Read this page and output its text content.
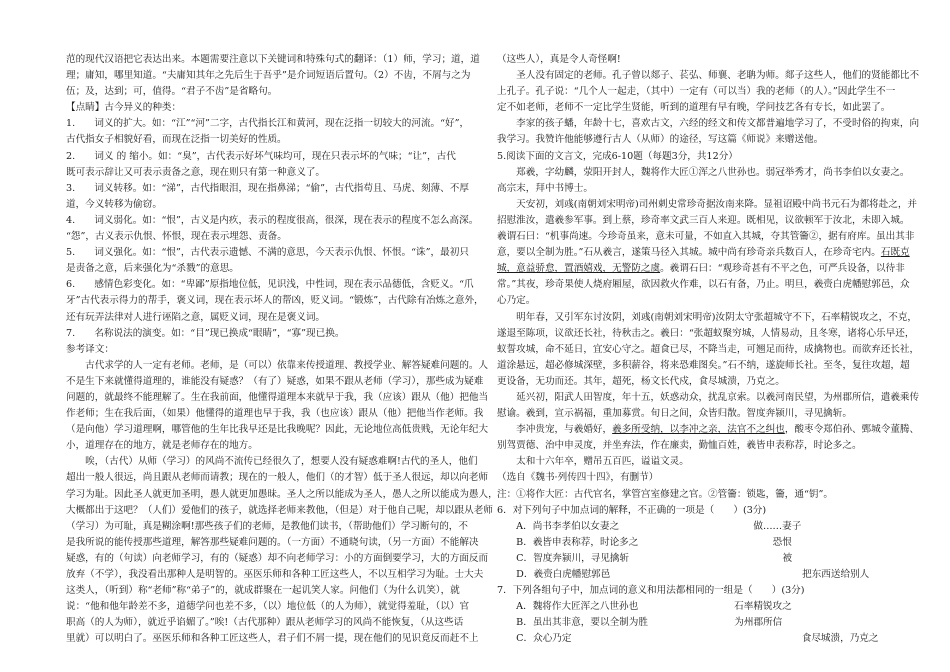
范的现代汉语把它表达出来。本题需要注意以下关键词和特殊句式的翻译：（1）师，学习；道，道
理；庸知，哪里知道。“夫庸知其年之先后生于吾乎”是介词短语后置句。（2）不齿，不屑与之为
伍；及，达到；可，值得。“君子不齿”是省略句。
【点睛】古今异义的种类：
1.　　词义的扩大。如：“江”“河”二字，古代指长江和黄河，现在泛指一切较大的河流。“好”，
古代指女子相貌好看，而现在泛指一切美好的性质。
2.　　词义 的 缩小。如：“臭”，古代表示好坏气味均可，现在只表示坏的气味；“让”，古代
既可表示辞让又可表示责备之意，现在则只有第一种意义了。
3.　　词义转移。如：“涕”，古代指眼泪，现在指鼻涕；“偷”，古代指苟且、马虎、刻薄、不厚
道，今义转移为偷窃。
4.　　词义弱化。如：“恨”，古义是内疚，表示的程度很高，很深，现在表示的程度不怎么高深。
“怨”，古义表示仇恨、怀恨，现在表示埋怨、责备。
5.　　词义强化。如：“恨”，古代表示遗憾、不满的意思，今天表示仇恨、怀恨。“诛”，最初只
是责备之意，后来强化为“杀戮”的意思。
6.　　感情色彩变化。如：“卑鄙”原指地位低，见识浅，中性词，现在表示品德低，含贬义。“爪
牙”古代表示得力的帮手，褒义词，现在表示坏人的帮凶，贬义词。“锻炼”，古代除有冶炼之意外，
还有玩弄法律对人进行诬陷之意，属贬义词，现在是褒义词。
7.　　名称说法的演变。如：“目”现已换成“眼睛”，“寡”现已换。
参考译文：
　　古代求学的人一定有老师。老师，是（可以）依靠来传授道理、教授学业、解答疑难问题的。人
不是生下来就懂得道理的，谁能没有疑惑？（有了）疑惑，如果不跟从老师（学习），那些成为疑难
问题的，就最终不能理解了。生在我前面，他懂得道理本来就早于我，我（应该）跟从（他）把他当
作老师；生在我后面，（如果）他懂得的道理也早于我，我（也应该）跟从（他）把他当作老师。我
（是向他）学习道理啊，哪管他的生年比我早还是比我晚呢？因此，无论地位高低贵贱，无论年纪大
小，道理存在的地方，就是老师存在的地方。
　　唉，（古代）从师（学习）的风尚不流传已经很久了，想要人没有疑惑难啊!古代的圣人，他们
超出一般人很远，尚且跟从老师而请教；现在的一般人，他们（的才智）低于圣人很远，却以向老师
学习为耻。因此圣人就更加圣明，愚人就更加愚昧。圣人之所以能成为圣人，愚人之所以能成为愚人，
大概都出于这吧？（人们）爱他们的孩子，就选择老师来教他，（但是）对于他自己呢，却以跟从老师
（学习）为可耻，真是糊涂啊!那些孩子们的老师，是教他们读书，（帮助他们）学习断句的，不
是我所说的能传授那些道理，解答那些疑难问题的。（一方面）不通晓句读，（另一方面）不能解决
疑惑，有的（句读）向老师学习，有的（疑惑）却不向老师学习：小的方面倒要学习，大的方面反而
放弃（不学），我没看出那种人是明智的。巫医乐师和各种工匠这些人，不以互相学习为耻。士大夫
这类人，（听到）称“老师”称“弟子”的，就成群聚在一起讥笑人家。问他们（为什么讥笑），就
说：“他和他年龄差不多，道德学问也差不多，（以）地位低（的人为师），就觉得羞耻，（以）官
职高（的人为师），就近乎谄媚了。”唉!（古代那种）跟从老师学习的风尚不能恢复，（从这些话
里就）可以明白了。巫医乐师和各种工匠这些人，君子们不屑一提，现在他们的见识竟反而赶不上
（这些人），真是令人奇怪啊!
　　圣人没有固定的老师。孔子曾以郯子、苌弘、师襄、老聃为师。郯子这些人，他们的贤能都比不
上孔子。孔子说：“几个人一起走，（其中）一定有（可以当）我的老师（的人）。”因此学生不一
定不如老师，老师不一定比学生贤能，听到的道理有早有晚，学问技艺各有专长，如此罢了。
　　李家的孩子蟠，年龄十七，喜欢古文，六经的经文和传文都普遍地学习了，不受时俗的拘束，向
我学习。我赞许他能够遵行古人（从师）的途径，写这篇《师说》来赠送他。
5.阅读下面的文言文，完成6-10题（每题3分，共12分）
　　郑羲，字幼麟，荥阳开封人，魏将作大匠①浑之八世孙也。弱冠举秀才，尚书李伯以女妻之。
高宗末，拜中书博士。
　　天安初，刘彧(南朝刘宋明帝)司州刺史常珍奇据汝南来降。显祖诏殿中尚书元石为都将赴之，并
招慰淮汝，遣羲参军事。到上蔡，珍奇率文武三百人来迎。既相见，议欲顿军于汝北，未即入城。
羲谓石曰：“机事尚速。今珍奇虽来，意未可量，不如直入其城，夺其管籥②，据有府库。虽出其非
意，要以全制为胜。”石从羲言，遂策马径入其城。城中尚有珍奇亲兵数百人，在珍奇宅内。石既克
城，意益骄怠，置酒嬉戏，无警防之虞。羲谓石曰：“观珍奇甚有不平之色，可严兵设备，以待非
常。”其夜，珍奇果使人烧府厢屋，欲因救火作难，以石有备，乃止。明旦，羲赍白虎幡慰郭邑，众
心乃定。
　　明年春，又引军东讨汝阴，刘彧(南朝刘宋明帝)汝阴太守张超城守不下，石率精锐攻之，不克，
遂退至陈项，议欲还长社，待秋击之。羲曰：“张超蚁聚穷城，人情易动，且冬寒，诸将心乐早还，
蚁誓攻城，命不延日，宜安心守之。超食已尽，不降当走，可翘足而待，成擒物也。而欲弃还长社，
道涂悬远，超必修城深壁，多积薪谷，将来恐难图矣。”石不纳，遂旋师长社。至冬，复往攻超，超
更设备，无功而还。其年，超死，杨文长代戍，食尽城溃，乃克之。
　　延兴初，阳武人田智度，年十五，妖惑动众，扰乱京索。以羲河南民望，为州郡所信，遣羲乘传
慰谕。羲到，宣示祸福，重加募赏。旬日之间，众皆归散。智度奔颍川，寻见擒斩。
　　李冲贵宠，与羲婚好，羲多所受纳，以李冲之亲，法官不之纠也，酸枣令郑伯孙、鄄城令董腾、
别驾贾德、治中申灵度，并坐弃法，作在廉卖，勤恤百姓，羲皆申表称荐，时论多之。
　　太和十六年卒，赠吊五百匹，谥谥文灵。
（选自《魏书·列传四十四》，有删节）
注：①将作大匠：古代官名，掌管宫室修建之官。②管籥：锁匙，籥，通“钥”。
6．对下列句子中加点词的解释，不正确的一项是（　　）(3分)
　　A．尚书李孝伯以女妻之　　　　　　　　　　　　　　做……妻子
　　B．羲皆申表称荐，时论多之　　　　　　　　　　　　　　恐恨
　　C．智度奔颍川，寻见擒斩　　　　　　　　　　　　　　　　被
　　D．羲赍白虎幡慰郭邑　　　　　　　　　　　　　　　　　　　　把东西送给别人
7．下列各组句子中，加点词的意义和用法都相同的一组是（　　）(3分)
　　A．魏将作大匠浑之八世孙也　　　　　　　　　　石率精锐攻之
　　B．虽出其非意，要以全制为胜　　　　　　　　　为州郡所信
　　C．众心乃定　　　　　　　　　　　　　　　　　　　　　　　　食尽城溃，乃克之
